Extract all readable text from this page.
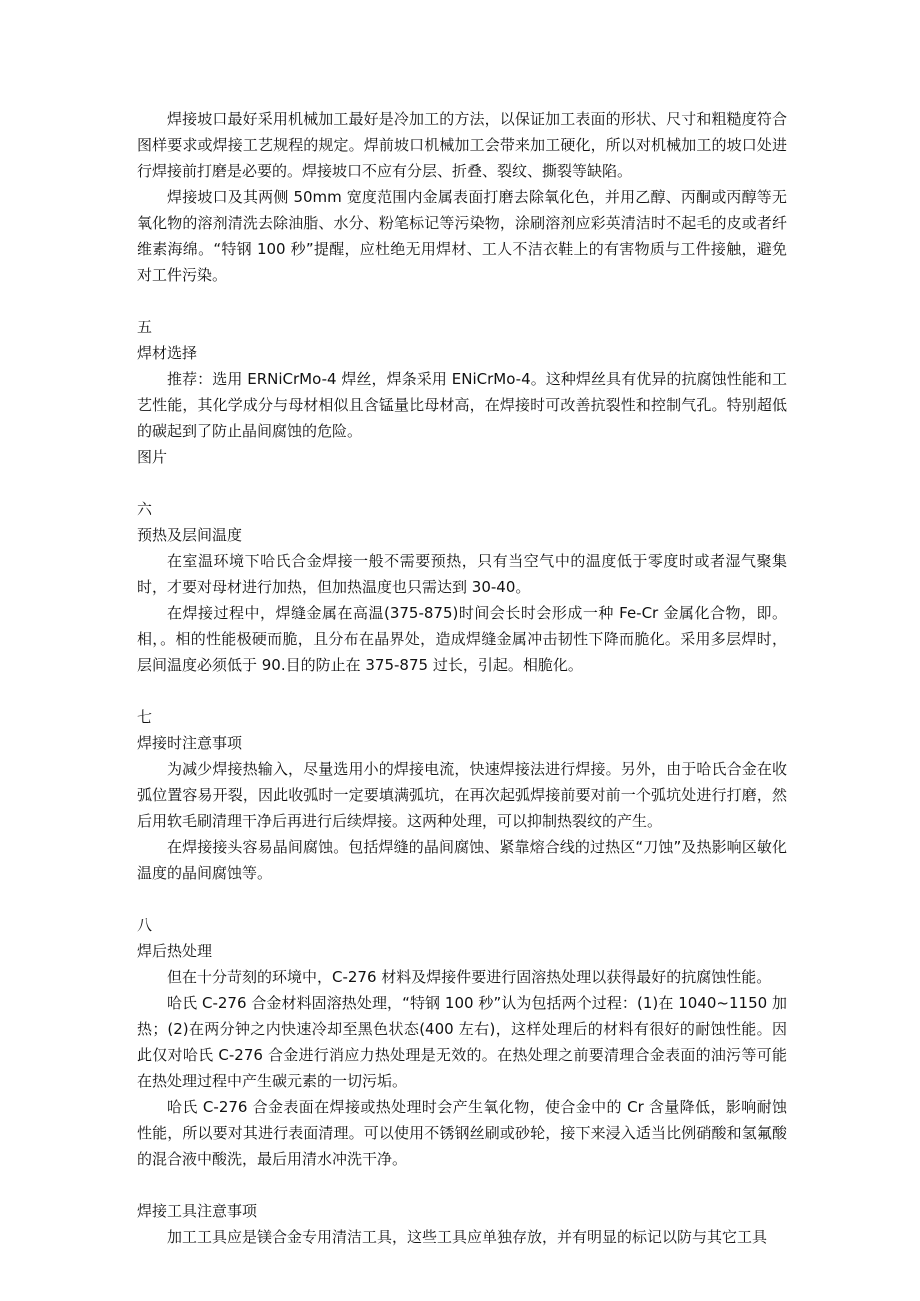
焊接坡口最好采用机械加工最好是冷加工的方法，以保证加工表面的形状、尺寸和粗糙度符合图样要求或焊接工艺规程的规定。焊前坡口机械加工会带来加工硬化，所以对机械加工的坡口处进行焊接前打磨是必要的。焊接坡口不应有分层、折叠、裂纹、撕裂等缺陷。

焊接坡口及其两侧 50mm 宽度范围内金属表面打磨去除氧化色，并用乙醇、丙酮或丙醇等无氧化物的溶剂清洗去除油脂、水分、粉笔标记等污染物，涂刷溶剂应彩英清洁时不起毛的皮或者纤维素海绵。“特钢 100 秒”提醒，应杜绝无用焊材、工人不洁衣鞋上的有害物质与工件接触，避免对工件污染。

五

焊材选择

推荐：选用 ERNiCrMo-4 焊丝，焊条采用 ENiCrMo-4。这种焊丝具有优异的抗腐蚀性能和工艺性能，其化学成分与母材相似且含锰量比母材高，在焊接时可改善抗裂性和控制气孔。特别超低的碳起到了防止晶间腐蚀的危险。

图片

六

预热及层间温度

在室温环境下哈氏合金焊接一般不需要预热，只有当空气中的温度低于零度时或者湿气聚集时，才要对母材进行加热，但加热温度也只需达到 30-40。

在焊接过程中，焊缝金属在高温(375-875)时间会长时会形成一种 Fe-Cr 金属化合物，即。相，。相的性能极硬而脆，且分布在晶界处，造成焊缝金属冲击韧性下降而脆化。采用多层焊时，层间温度必须低于 90.目的防止在 375-875 过长，引起。相脆化。

七

焊接时注意事项

为减少焊接热输入，尽量选用小的焊接电流，快速焊接法进行焊接。另外，由于哈氏合金在收弧位置容易开裂，因此收弧时一定要填满弧坑，在再次起弧焊接前要对前一个弧坑处进行打磨，然后用软毛刷清理干净后再进行后续焊接。这两种处理，可以抑制热裂纹的产生。

在焊接接头容易晶间腐蚀。包括焊缝的晶间腐蚀、紧靠熔合线的过热区“刀蚀”及热影响区敏化温度的晶间腐蚀等。

八

焊后热处理

但在十分苛刻的环境中，C-276 材料及焊接件要进行固溶热处理以获得最好的抗腐蚀性能。

哈氏 C-276 合金材料固溶热处理，“特钢 100 秒”认为包括两个过程：(1)在 1040~1150 加热；(2)在两分钟之内快速冷却至黑色状态(400 左右)，这样处理后的材料有很好的耐蚀性能。因此仅对哈氏 C-276 合金进行消应力热处理是无效的。在热处理之前要清理合金表面的油污等可能在热处理过程中产生碳元素的一切污垢。

哈氏 C-276 合金表面在焊接或热处理时会产生氧化物，使合金中的 Cr 含量降低，影响耐蚀性能，所以要对其进行表面清理。可以使用不锈钢丝刷或砂轮，接下来浸入适当比例硝酸和氢氟酸的混合液中酸洗，最后用清水冲洗干净。

焊接工具注意事项

加工工具应是镁合金专用清洁工具，这些工具应单独存放，并有明显的标记以防与其它工具
